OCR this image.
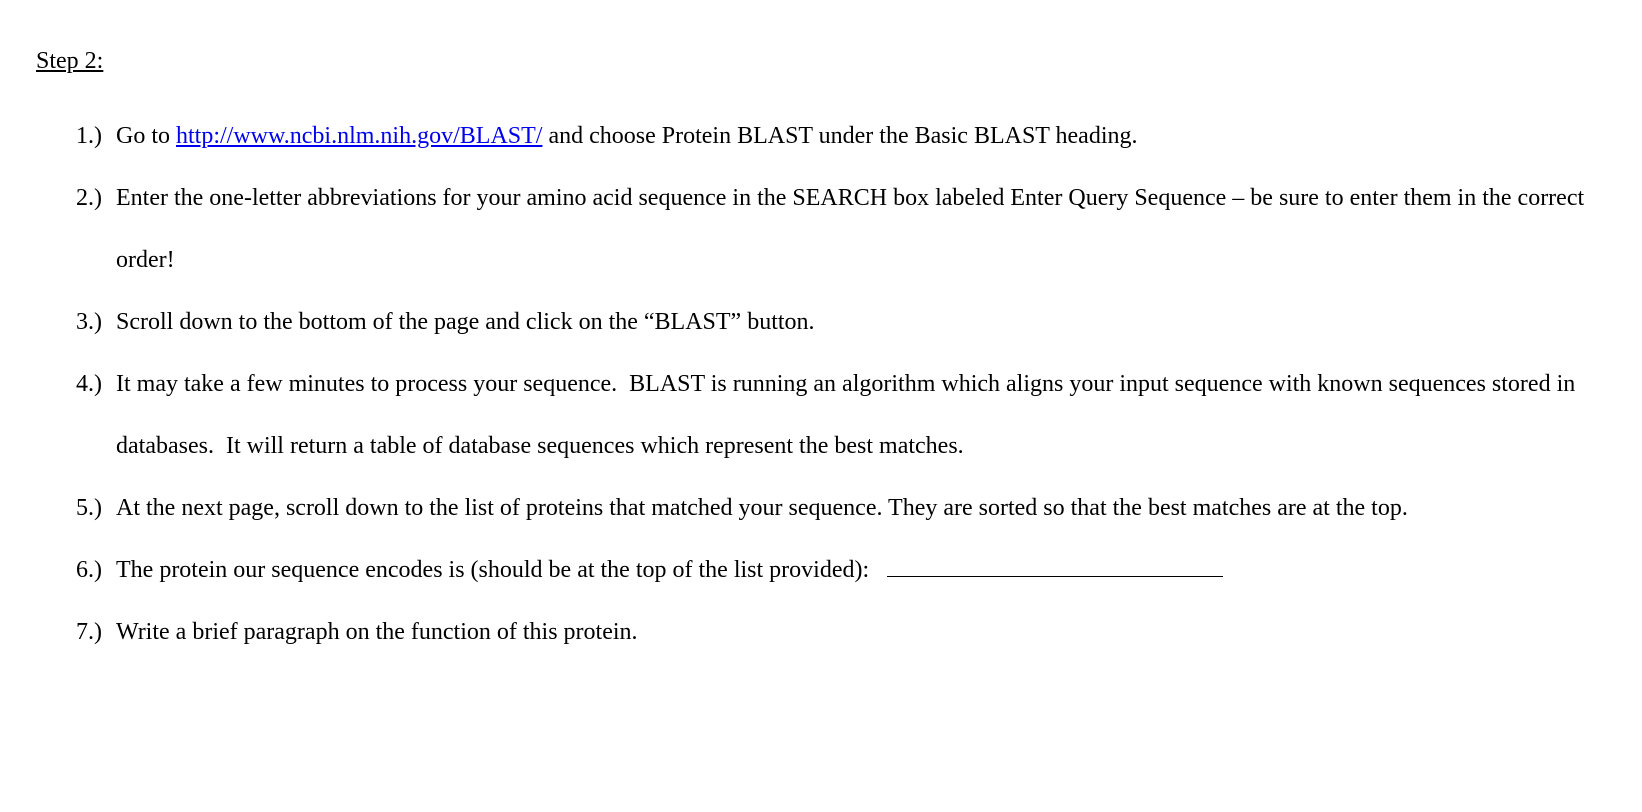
Step 2:
1.) Go to http://www.ncbi.nlm.nih.gov/BLAST/ and choose Protein BLAST under the Basic BLAST heading.
2.) Enter the one-letter abbreviations for your amino acid sequence in the SEARCH box labeled Enter Query Sequence – be sure to enter them in the correct order!
3.) Scroll down to the bottom of the page and click on the “BLAST” button.
4.) It may take a few minutes to process your sequence.  BLAST is running an algorithm which aligns your input sequence with known sequences stored in databases.  It will return a table of database sequences which represent the best matches.
5.) At the next page, scroll down to the list of proteins that matched your sequence. They are sorted so that the best matches are at the top.
6.) The protein our sequence encodes is (should be at the top of the list provided):
7.) Write a brief paragraph on the function of this protein.
